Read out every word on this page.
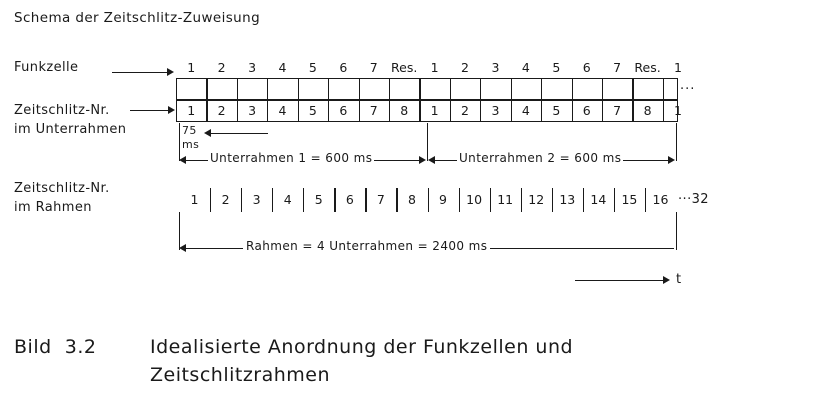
Schema der Zeitschlitz-Zuweisung
Funkzelle
Zeitschlitz-Nr.
im Unterrahmen
Zeitschlitz-Nr.
im Rahmen
1	2	3	4	5	6	7	Res.	1	2	3	4	5	6	7	Res.	1
···
1	2	3	4	5	6	7	8	1	2	3	4	5	6	7	8	1
75
ms
Unterrahmen 1 = 600 ms	Unterrahmen 2 = 600 ms
1	2	3	4	5	6	7	8	9	10	11	12	13	14	15	16 ···32
Rahmen = 4 Unterrahmen = 2400 ms
t
Bild  3.2	Idealisierte Anordnung der Funkzellen und
Zeitschlitzrahmen
